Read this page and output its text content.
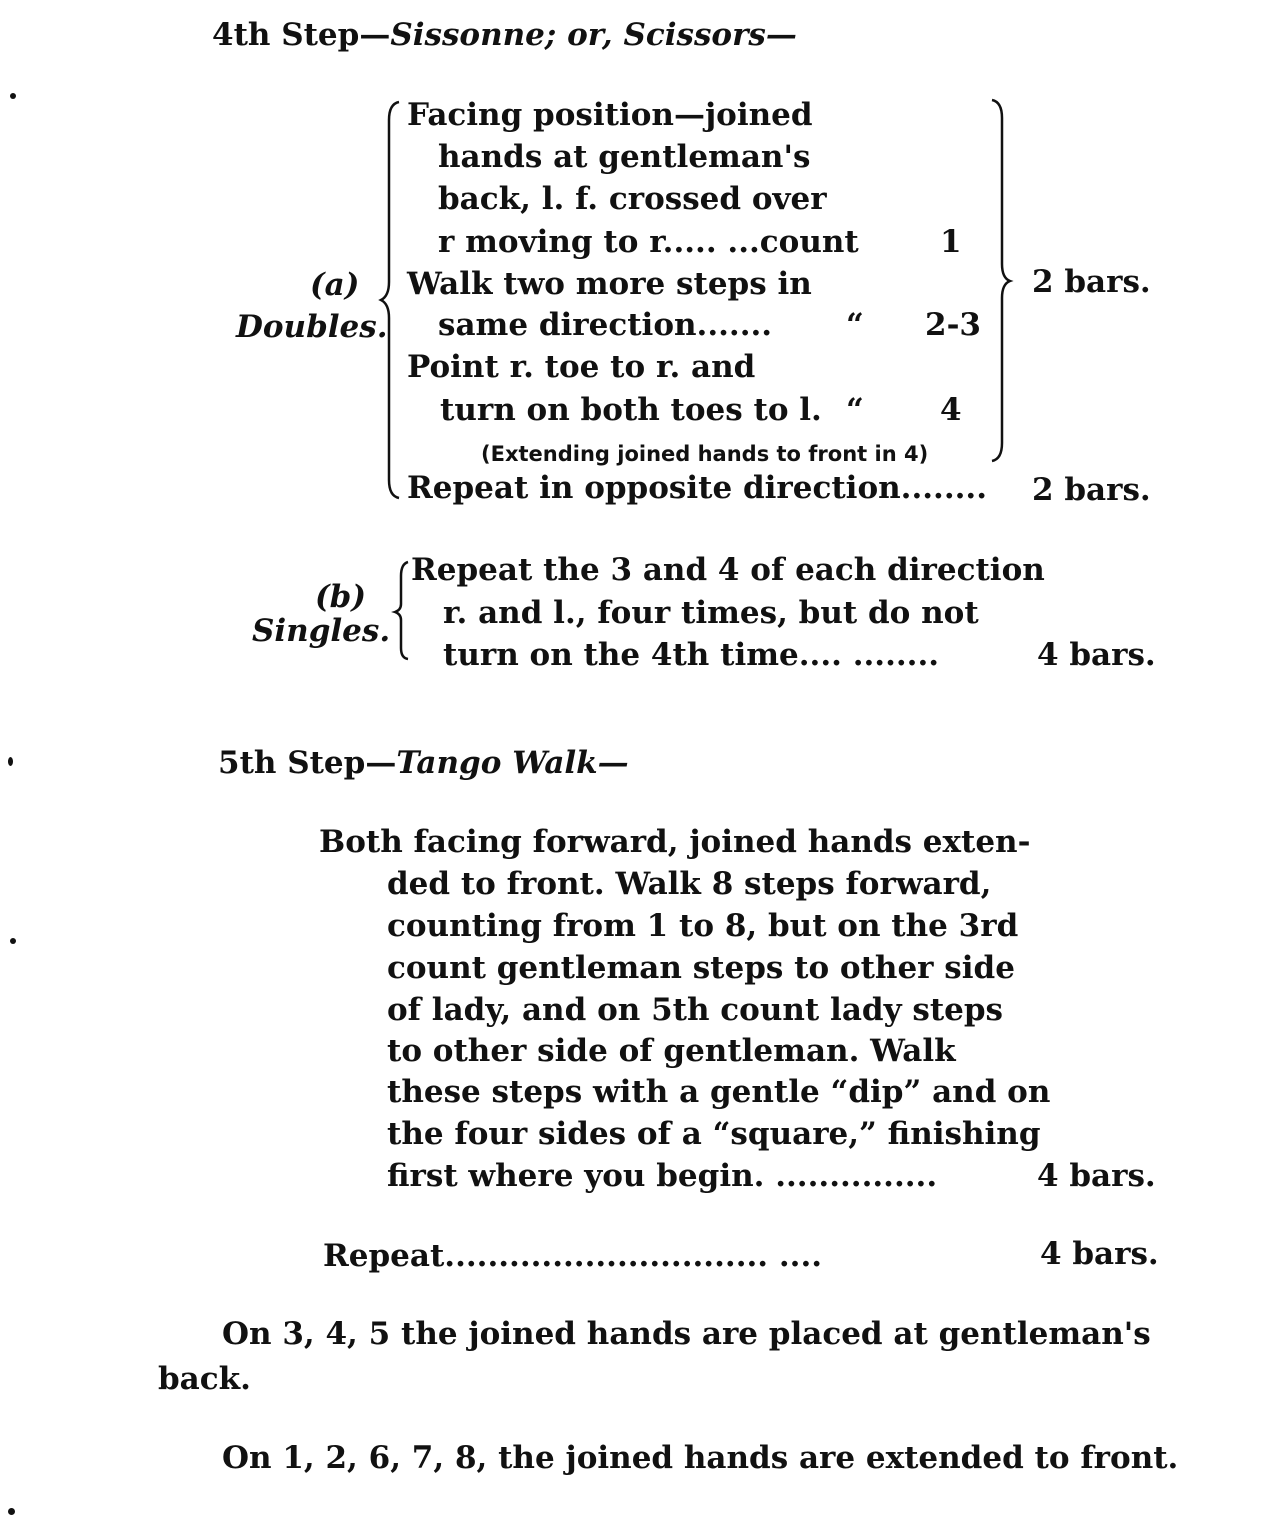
4th Step—Sissonne; or, Scissors—
(a)
Doubles.
Facing position—joined
hands at gentleman's
back, l. f. crossed over
r moving to r..... ...count	1
Walk two more steps in
same direction....... “ 2-3
Point r. toe to r. and
turn on both toes to l. “ 4
(Extending joined hands to front in 4)
2 bars.
Repeat in opposite direction........ 2 bars.
(b)
Singles.
Repeat the 3 and 4 of each direction
r. and l., four times, but do not
turn on the 4th time.... ........	4 bars.
5th Step—Tango Walk—
Both facing forward, joined hands exten-
ded to front. Walk 8 steps forward,
counting from 1 to 8, but on the 3rd
count gentleman steps to other side
of lady, and on 5th count lady steps
to other side of gentleman. Walk
these steps with a gentle “dip” and on
the four sides of a “square,” finishing
first where you begin. ...............	4 bars.
Repeat.............................. ....	4 bars.
On 3, 4, 5 the joined hands are placed at gentleman's
back.
On 1, 2, 6, 7, 8, the joined hands are extended to front.
